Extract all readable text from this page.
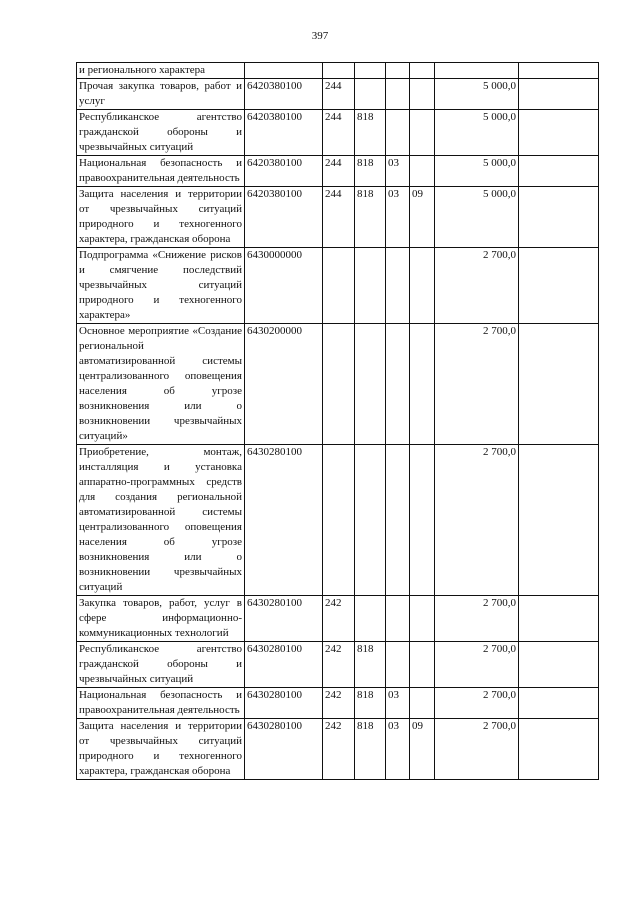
397
и регионального характера							

Прочая закупка товаров, работ и услуг	6420380100	244				5 000,0	

Республиканское агентство гражданской обороны и чрезвычайных ситуаций	6420380100	244	818			5 000,0	

Национальная безопасность и правоохранительная деятельность	6420380100	244	818	03		5 000,0	

Защита населения и территории от чрезвычайных ситуаций природного и техногенного характера, гражданская оборона	6420380100	244	818	03	09	5 000,0	

Подпрограмма «Снижение рисков и смягчение последствий чрезвычайных ситуаций природного и техногенного характера»	6430000000					2 700,0	

Основное мероприятие «Создание региональной автоматизированной системы централизованного оповещения населения об угрозе возникновения или о возникновении чрезвычайных ситуаций»	6430200000					2 700,0	

Приобретение, монтаж, инсталляция и установка аппаратно-программных средств для создания региональной автоматизированной системы централизованного оповещения населения об угрозе возникновения или о возникновении чрезвычайных ситуаций	6430280100					2 700,0	

Закупка товаров, работ, услуг в сфере информационно-коммуникационных технологий	6430280100	242				2 700,0	

Республиканское агентство гражданской обороны и чрезвычайных ситуаций	6430280100	242	818			2 700,0	

Национальная безопасность и правоохранительная деятельность	6430280100	242	818	03		2 700,0	

Защита населения и территории от чрезвычайных ситуаций природного и техногенного характера, гражданская оборона	6430280100	242	818	03	09	2 700,0	
